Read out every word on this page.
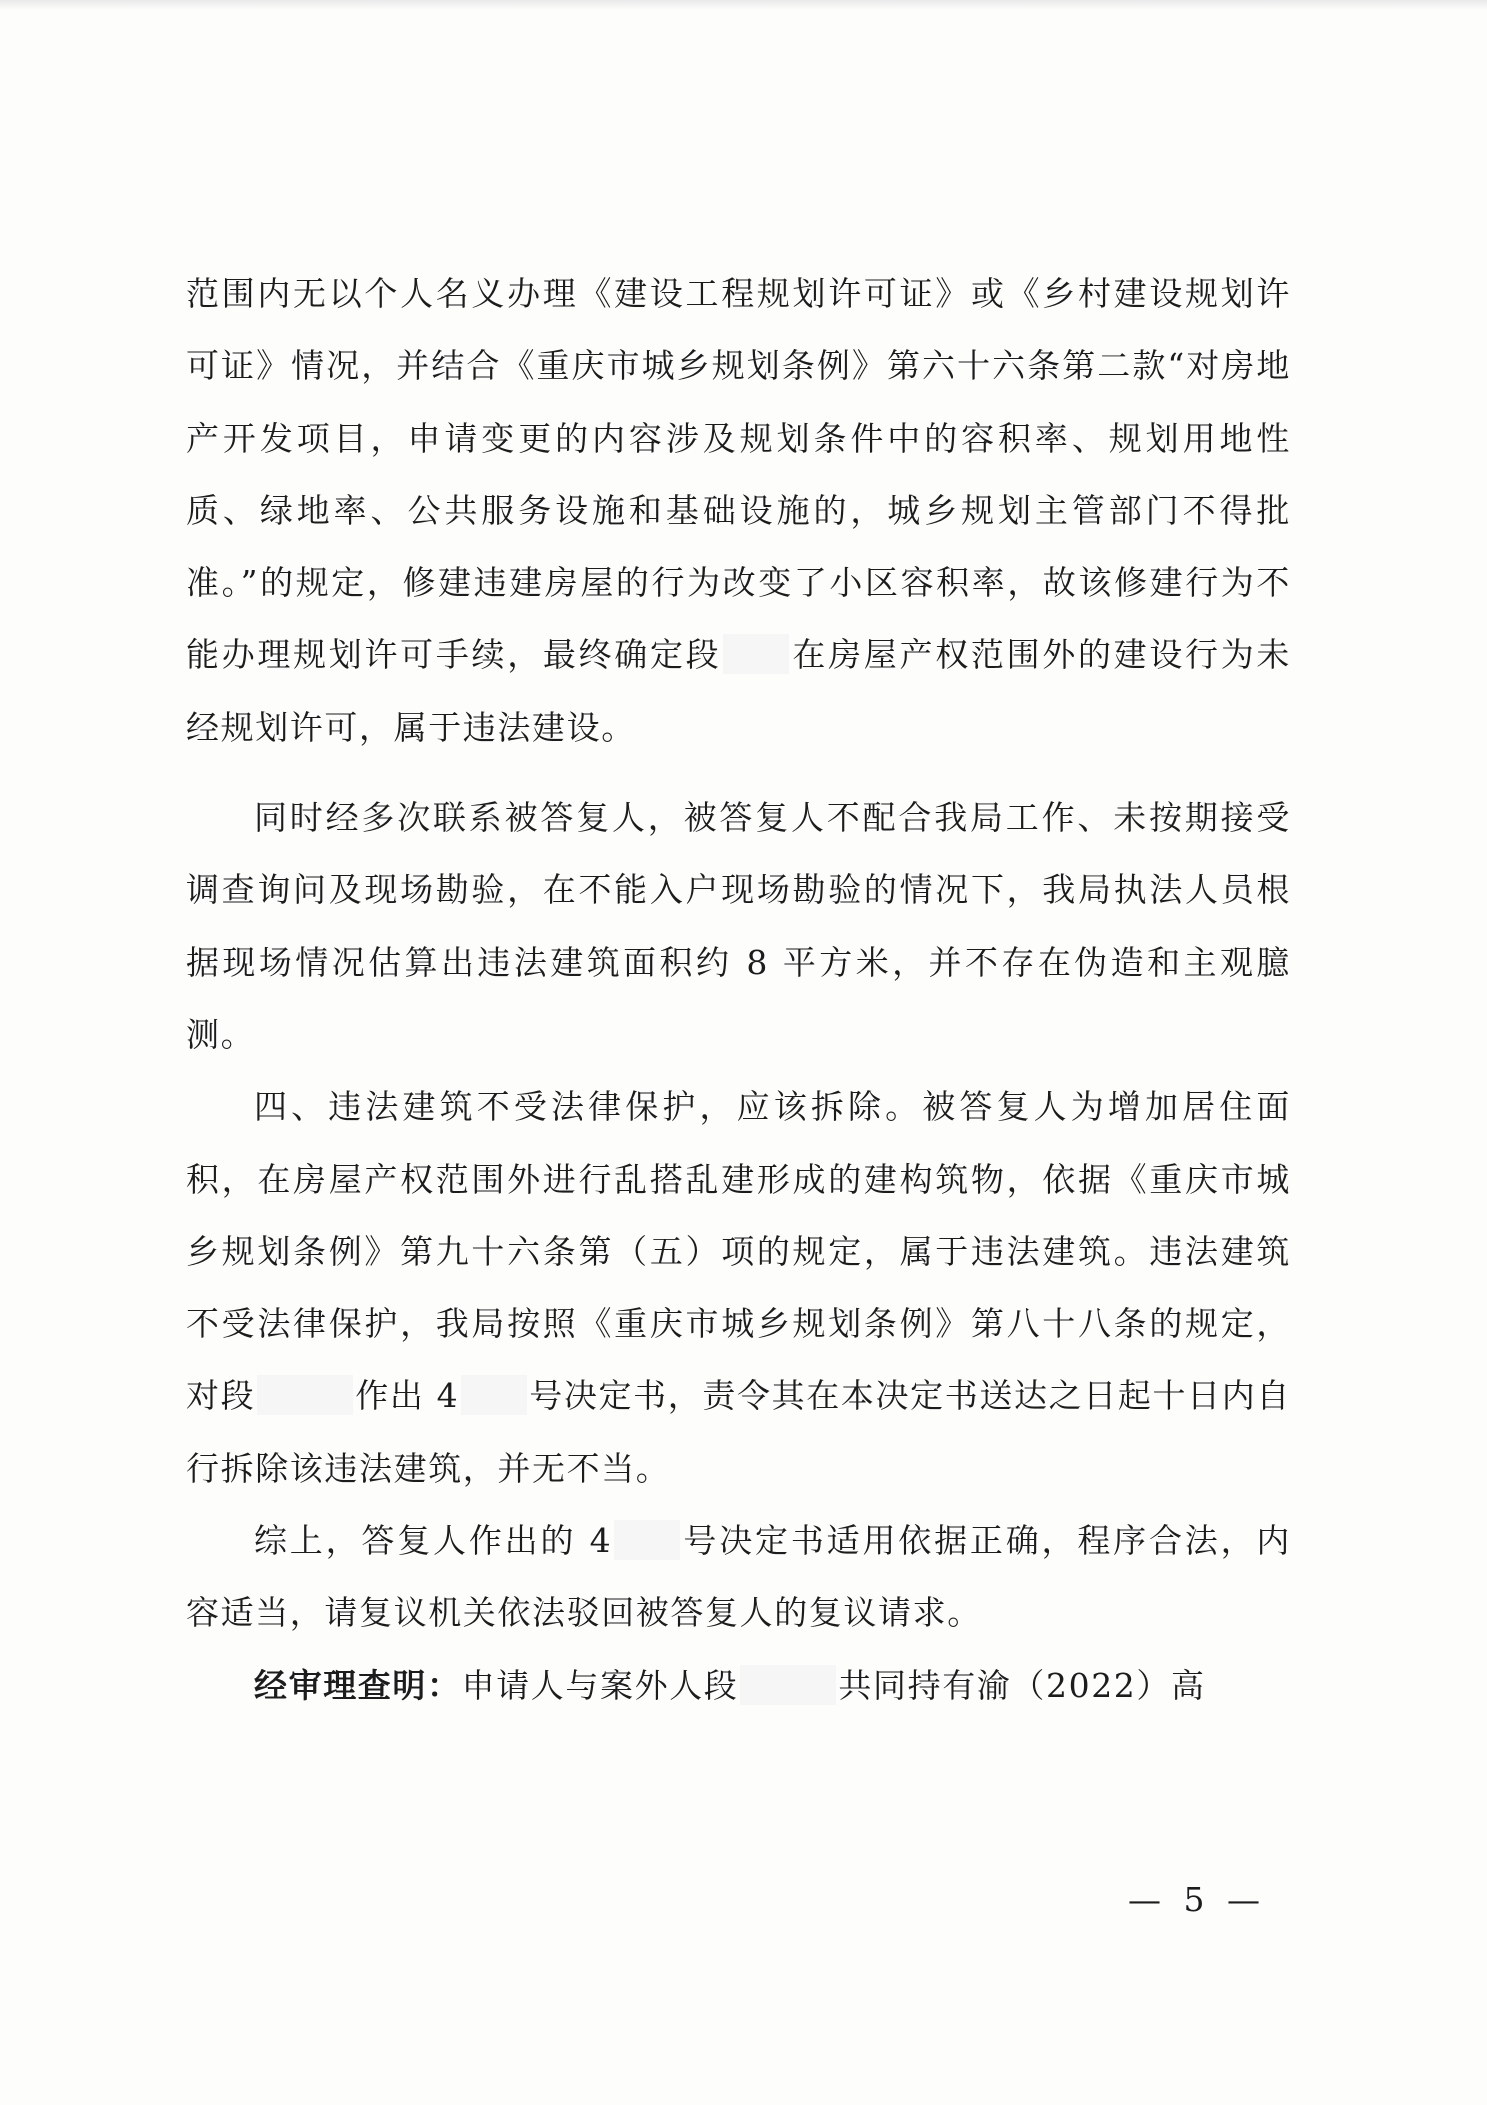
范围内无以个人名义办理《建设工程规划许可证》或《乡村建设规划许可证》情况，并结合《重庆市城乡规划条例》第六十六条第二款“对房地产开发项目，申请变更的内容涉及规划条件中的容积率、规划用地性质、绿地率、公共服务设施和基础设施的，城乡规划主管部门不得批准。”的规定，修建违建房屋的行为改变了小区容积率，故该修建行为不能办理规划许可手续，最终确定段 在房屋产权范围外的建设行为未经规划许可，属于违法建设。

同时经多次联系被答复人，被答复人不配合我局工作、未按期接受调查询问及现场勘验，在不能入户现场勘验的情况下，我局执法人员根据现场情况估算出违法建筑面积约 8 平方米，并不存在伪造和主观臆测。

四、违法建筑不受法律保护，应该拆除。被答复人为增加居住面积，在房屋产权范围外进行乱搭乱建形成的建构筑物，依据《重庆市城乡规划条例》第九十六条第（五）项的规定，属于违法建筑。违法建筑不受法律保护，我局按照《重庆市城乡规划条例》第八十八条的规定，对段	作出 4 号决定书，责令其在本决定书送达之日起十日内自行拆除该违法建筑，并无不当。

综上，答复人作出的 4 号决定书适用依据正确，程序合法，内容适当，请复议机关依法驳回被答复人的复议请求。

经审理查明：申请人与案外人段	共同持有渝（2022）高

— 5 —
